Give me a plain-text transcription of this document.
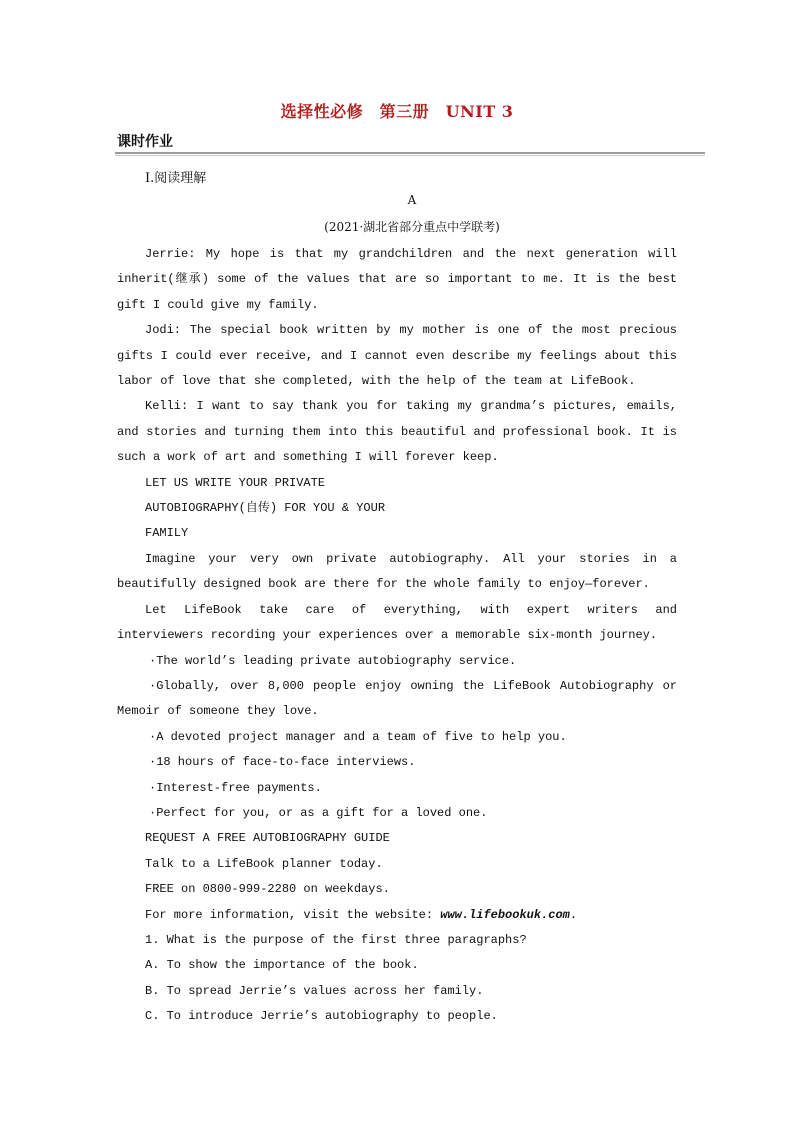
选择性必修　第三册　UNIT 3
课时作业
Ⅰ.阅读理解
A
(2021·湖北省部分重点中学联考)

Jerrie: My hope is that my grandchildren and the next generation will inherit(继承) some of the values that are so important to me. It is the best gift I could give my family.

Jodi: The special book written by my mother is one of the most precious gifts I could ever receive, and I cannot even describe my feelings about this labor of love that she completed, with the help of the team at LifeBook.

Kelli: I want to say thank you for taking my grandma’s pictures, emails, and stories and turning them into this beautiful and professional book. It is such a work of art and something I will forever keep.

LET US WRITE YOUR PRIVATE

AUTOBIOGRAPHY(自传) FOR YOU & YOUR

FAMILY

Imagine your very own private autobiography. All your stories in a beautifully designed book are there for the whole family to enjoy—forever.

Let LifeBook take care of everything, with expert writers and interviewers recording your experiences over a memorable six-month journey.

·The world’s leading private autobiography service.

·Globally, over 8,000 people enjoy owning the LifeBook Autobiography or Memoir of someone they love.

·A devoted project manager and a team of five to help you.

·18 hours of face-to-face interviews.

·Interest-free payments.

·Perfect for you, or as a gift for a loved one.

REQUEST A FREE AUTOBIOGRAPHY GUIDE

Talk to a LifeBook planner today.

FREE on 0800-999-2280 on weekdays.

For more information, visit the website: www.lifebookuk.com.

1. What is the purpose of the first three paragraphs?

A. To show the importance of the book.

B. To spread Jerrie’s values across her family.

C. To introduce Jerrie’s autobiography to people.
